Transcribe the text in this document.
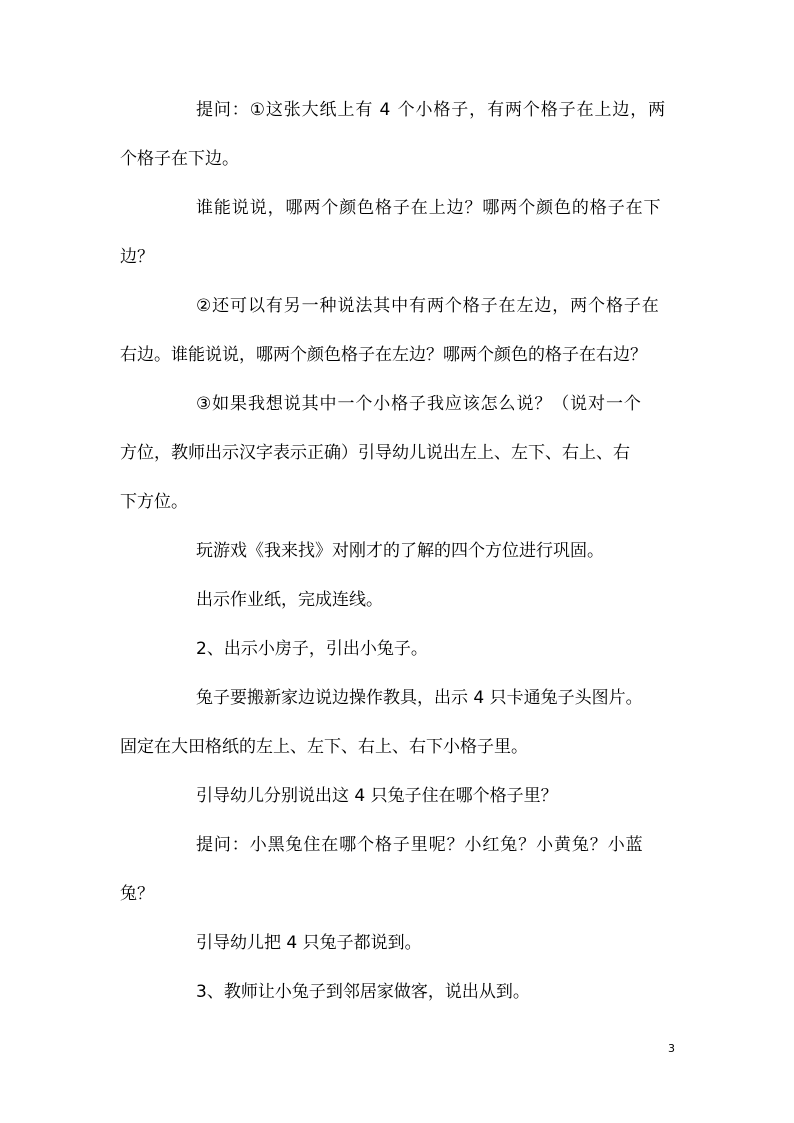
提问：①这张大纸上有 4 个小格子，有两个格子在上边，两
个格子在下边。
谁能说说，哪两个颜色格子在上边？哪两个颜色的格子在下
边？
②还可以有另一种说法其中有两个格子在左边，两个格子在
右边。谁能说说，哪两个颜色格子在左边？哪两个颜色的格子在右边？
③如果我想说其中一个小格子我应该怎么说？（说对一个
方位，教师出示汉字表示正确）引导幼儿说出左上、左下、右上、右
下方位。
玩游戏《我来找》对刚才的了解的四个方位进行巩固。
出示作业纸，完成连线。
2、出示小房子，引出小兔子。
兔子要搬新家边说边操作教具，出示 4 只卡通兔子头图片。
固定在大田格纸的左上、左下、右上、右下小格子里。
引导幼儿分别说出这 4 只兔子住在哪个格子里？
提问：小黑兔住在哪个格子里呢？小红兔？小黄兔？小蓝
兔？
引导幼儿把 4 只兔子都说到。
3、教师让小兔子到邻居家做客，说出从到。
3
